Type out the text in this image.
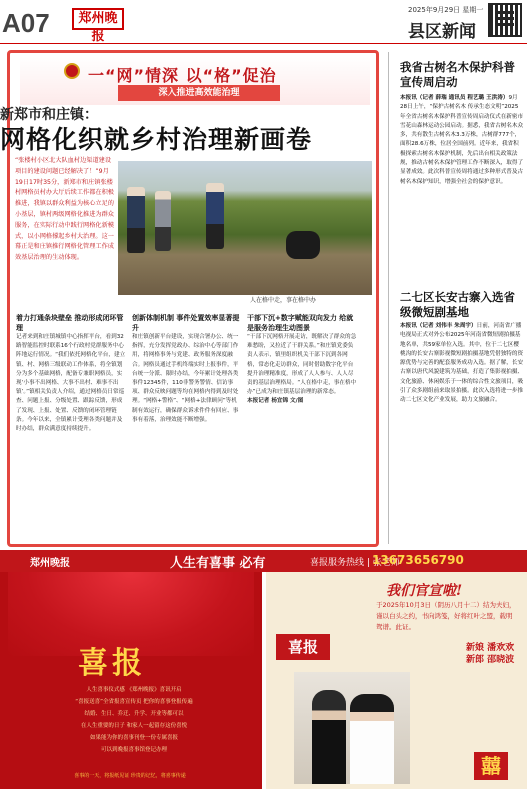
A07	郑州晚报
2025年9月29日 星期一
县区新闻
一“网”情深 以“格”促治
深入推进高效能治理
新郑市和庄镇：
网格化织就乡村治理新画卷
“张楼村小区北大队血村边渠道建设项目的建设问题已经解决了！”9月19日17时35分，新郑市和庄镇张楼村网格员村办大厅后续工作都在积极推进，我镇以群众利益为核心立足的小基层，镇村两级网格化推进为群众服务，在实际行动中践行网格化新模式，以小网格撑起乡村大治理。这一幕正是和庄镇推行网格化管理工作成效基层治理的生动体现。
人在格中走，事在格中办
着力打通条块壁垒 推动形成闭环管理
记者来到和庄镇城镇中心指挥平台，看到32路智能监控时联系16个行政村党群服务中心阵地运行情况。“我们依托网格化平台，建立镇、村、网格三级联动工作体系，将全镇划分为多个基础网格，配备专兼职网格员，实现‘小事不出网格、大事不出村、难事不出镇’。”镇相关负责人介绍，通过网格员日常巡查、问题上报、分级处置、跟踪反馈，形成了发现、上报、处置、反馈的闭环管理链条。今年以来，全镇累计受理各类问题并及时办结，群众满意度持续提升。
创新体制机制 事件处置效率显著提升
和庄镇创新平台建设，实现合署办公、统一指挥，充分发挥党政办、综治中心等部门作用，将网格事务与党建、政务服务深度融合。网格员通过手机终端实时上报事件，平台统一分派、限时办结，今年累计处理各类事件12345件，110非警务警情、信访事项、群众反映问题等均在网格内得到及时处理。“网格+警格”、“网格+法律顾问”等机制有效运行，确保群众诉求件件有回应、事事有着落，治理效能不断增强。
干部下沉+数字赋能双向发力 给就是服务治理生动图景
“干部下沉网格开展走访，既解决了群众的急难愁盼，又拉近了干群关系。”和庄镇党委负责人表示，镇里组织机关干部下沉到各网格，常态化走访群众，同时借助数字化平台提升治理精准度，形成了人人参与、人人尽责的基层治理格局。“人在格中走，事在格中办”已成为和庄镇基层治理的新常态。
本报记者 杨宜锦 文/图
我省古树名木保护科普宣传周启动
本报讯（记者 薛瑞 通讯员 程艺璐 王洪涛）9月28日上午，“保护古树名木 传承生态文明”2025年全省古树名木保护科普宣传周启动仪式在新密市雪花山森林运动公园启动。据悉，我省古树名木众多，共有散生古树名木3.3万株，古树群777个，面积28.6万株，位居全国前列。近年来，我省积极探索古树名木保护机制，先后出台相关政策法规，推动古树名木保护管理工作不断深入，取得了显著成效。此次科普宣传周将通过多种形式普及古树名木保护知识，增强全社会的保护意识。
二七区长安古寨入选省级微短剧基地
本报讯（记者 刘伟丰 朱周宇）日前，河南省广播电视局正式对外公布2025年河南省微短剧拍摄基地名单，共59家单位入选。其中，位于二七区樱桃沟的长安古寨影视微短剧拍摄基地凭借独特的资源优势与完善的配套服务成功入选。据了解，长安古寨以唐代风貌建筑为基础，打造了集影视拍摄、文化旅游、休闲娱乐于一体的综合性文旅项目，吸引了众多剧组前来取景拍摄。此次入选将进一步推动二七区文化产业发展，助力文旅融合。
郑州晚报	人生有喜事 必有	喜报服务热线 | 张老师
13673656790
喜报
人生喜事仪式感 《郑州晚报》喜讯开启
“喜报送喜”全省报喜宣传页 把你的喜事登报传遍
结婚、生日、乔迁、升学、开业等都可以
在人生重要的日子 和家人一起留存这份喜悦
如果能为你的喜事刊登一份专属喜报
可以到晚报喜事馆登记办理
喜事的一天，将报纸见证 珍贵的记忆，将喜事传递
我们官宣啦!
于2025年10月3日（阴历八月十二）结为夫妇，谨以白头之约，书向鸿笺，好将红叶之盟，载明鸳谱。此证。
喜报	新娘 潘欢欢
新郎 邵晓波
囍
